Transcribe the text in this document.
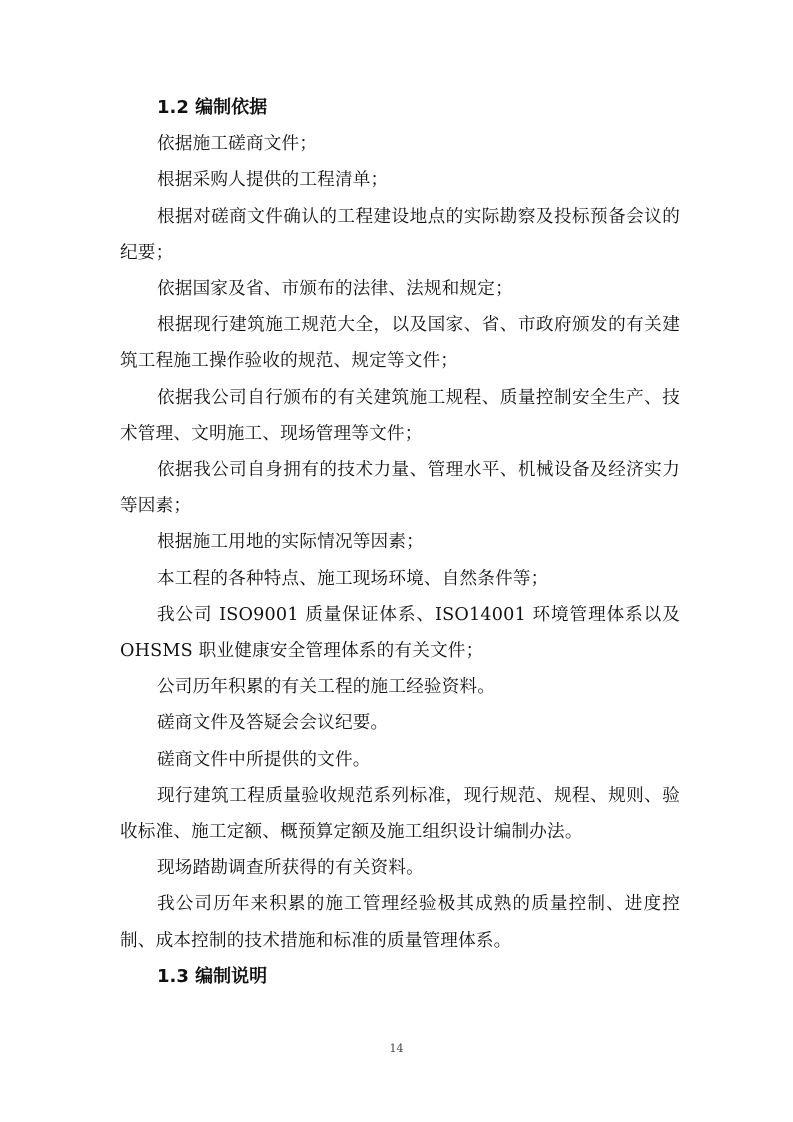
1.2 编制依据

依据施工磋商文件；

根据采购人提供的工程清单；

根据对磋商文件确认的工程建设地点的实际勘察及投标预备会议的纪要；

依据国家及省、市颁布的法律、法规和规定；

根据现行建筑施工规范大全，以及国家、省、市政府颁发的有关建筑工程施工操作验收的规范、规定等文件；

依据我公司自行颁布的有关建筑施工规程、质量控制安全生产、技术管理、文明施工、现场管理等文件；

依据我公司自身拥有的技术力量、管理水平、机械设备及经济实力等因素；

根据施工用地的实际情况等因素；

本工程的各种特点、施工现场环境、自然条件等；

我公司 ISO9001 质量保证体系、ISO14001 环境管理体系以及 OHSMS 职业健康安全管理体系的有关文件；

公司历年积累的有关工程的施工经验资料。

磋商文件及答疑会会议纪要。

磋商文件中所提供的文件。

现行建筑工程质量验收规范系列标准，现行规范、规程、规则、验收标准、施工定额、概预算定额及施工组织设计编制办法。

现场踏勘调查所获得的有关资料。

我公司历年来积累的施工管理经验极其成熟的质量控制、进度控制、成本控制的技术措施和标准的质量管理体系。

1.3 编制说明

14
